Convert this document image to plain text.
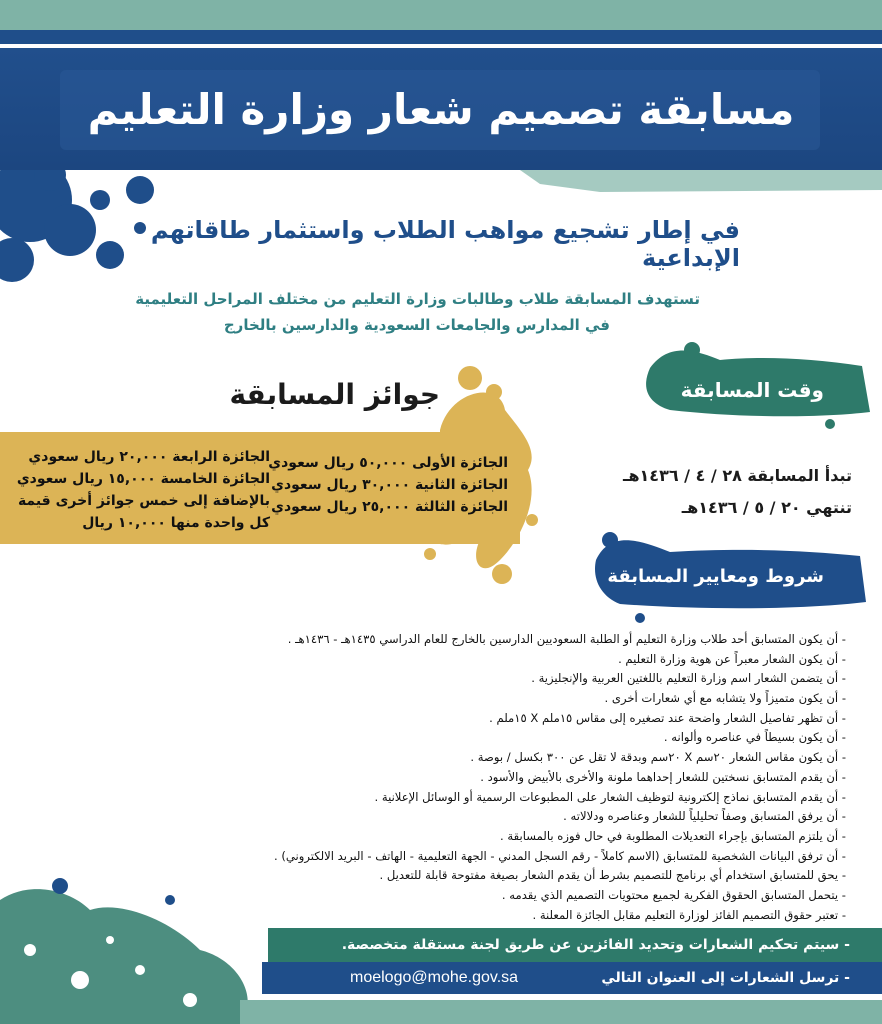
مسابقة تصميم شعار وزارة التعليم
في إطار تشجيع مواهب الطلاب واستثمار طاقاتهم الإبداعية
تستهدف المسابقة طلاب وطالبات وزارة التعليم من مختلف المراحل التعليمية
في المدارس والجامعات السعودية والدارسين بالخارج
جوائز المسابقة
الجائزة الأولى ٥٠,٠٠٠ ريال سعودي
الجائزة الثانية ٣٠,٠٠٠ ريال سعودي
الجائزة الثالثة ٢٥,٠٠٠ ريال سعودي
الجائزة الرابعة ٢٠,٠٠٠ ريال سعودي
الجائزة الخامسة ١٥,٠٠٠ ريال سعودي
بالإضافة إلى خمس جوائز أخرى قيمة
كل واحدة منها ١٠,٠٠٠ ريال
وقت المسابقة
تبدأ المسابقة ٢٨ / ٤ / ١٤٣٦هـ
تنتهي ٢٠ / ٥ / ١٤٣٦هـ
شروط ومعايير المسابقة
- أن يكون المتسابق أحد طلاب وزارة التعليم أو الطلبة السعوديين الدارسين بالخارج للعام الدراسي ١٤٣٥هـ - ١٤٣٦هـ .
- أن يكون الشعار معبراً عن هوية وزارة التعليم .
- أن يتضمن الشعار اسم وزارة التعليم باللغتين العربية والإنجليزية .
- أن يكون متميزاً ولا يتشابه مع أي شعارات أخرى .
- أن تظهر تفاصيل الشعار واضحة عند تصغيره إلى مقاس ١٥ملم X ١٥ملم .
- أن يكون بسيطاً في عناصره وألوانه .
- أن يكون مقاس الشعار ٢٠سم X ٢٠سم وبدقة لا تقل عن ٣٠٠ بكسل / بوصة .
- أن يقدم المتسابق نسختين للشعار إحداهما ملونة والأخرى بالأبيض والأسود .
- أن يقدم المتسابق نماذج إلكترونية لتوظيف الشعار على المطبوعات الرسمية أو الوسائل الإعلانية .
- أن يرفق المتسابق وصفاً تحليلياً للشعار وعناصره ودلالاته .
- أن يلتزم المتسابق بإجراء التعديلات المطلوبة في حال فوزه بالمسابقة .
- أن ترفق البيانات الشخصية للمتسابق (الاسم كاملاً - رقم السجل المدني - الجهة التعليمية - الهاتف - البريد الالكتروني) .
- يحق للمتسابق استخدام أي برنامج للتصميم بشرط أن يقدم الشعار بصيغة مفتوحة قابلة للتعديل .
- يتحمل المتسابق الحقوق الفكرية لجميع محتويات التصميم الذي يقدمه .
- تعتبر حقوق التصميم الفائز لوزارة التعليم مقابل الجائزة المعلنة .
- سيتم تحكيم الشعارات وتحديد الفائزين عن طريق لجنة مستقلة متخصصة.
- ترسل الشعارات إلى العنوان التالي
moelogo@mohe.gov.sa
